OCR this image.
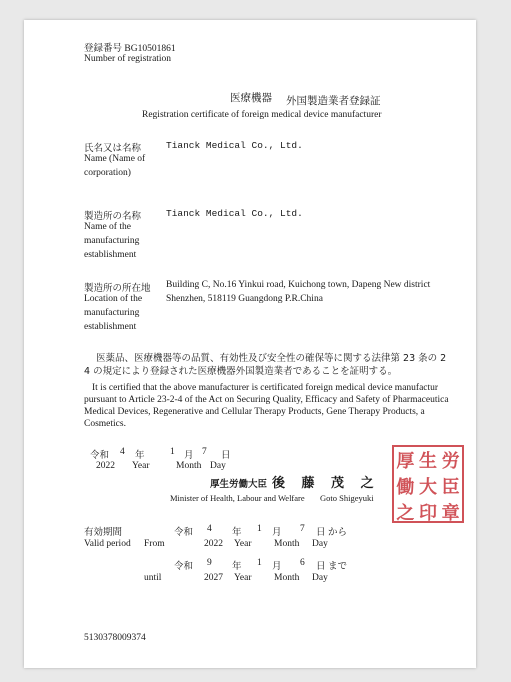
登録番号 BG10501861
Number of registration
医療機器 外国製造業者登録証
Registration certificate of foreign medical device manufacturer
氏名又は名称
Name (Name of
corporation)
Tianck Medical Co., Ltd.
製造所の名称
Name of the
manufacturing
establishment
Tianck Medical Co., Ltd.
製造所の所在地
Location of the
manufacturing
establishment
Building C, No.16 Yinkui road, Kuichong town, Dapeng New district
Shenzhen, 518119 Guangdong P.R.China
医薬品、医療機器等の品質、有効性及び安全性の確保等に関する法律第 23 条の 2
4 の規定により登録された医療機器外国製造業者であることを証明する。
It is certified that the above manufacturer is certificated foreign medical device manufactur
pursuant to Article 23-2-4 of the Act on Securing Quality, Efficacy and Safety of Pharmaceutica
Medical Devices, Regenerative and Cellular Therapy Products, Gene Therapy Products, a
Cosmetics.
令和 4 年	1 月 7 日
2022 Year	Month Day
厚生労働大臣 後 藤 茂 之
Minister of Health, Labour and Welfare Goto Shigeyuki
厚 生 労
働 大 臣
之 印 章
有効期間	令和 4 年 1 月 7 日 から
Valid period From	2022 Year Month Day
令和 9 年 1 月 6 日 まで
until	2027 Year Month Day
5130378009374
